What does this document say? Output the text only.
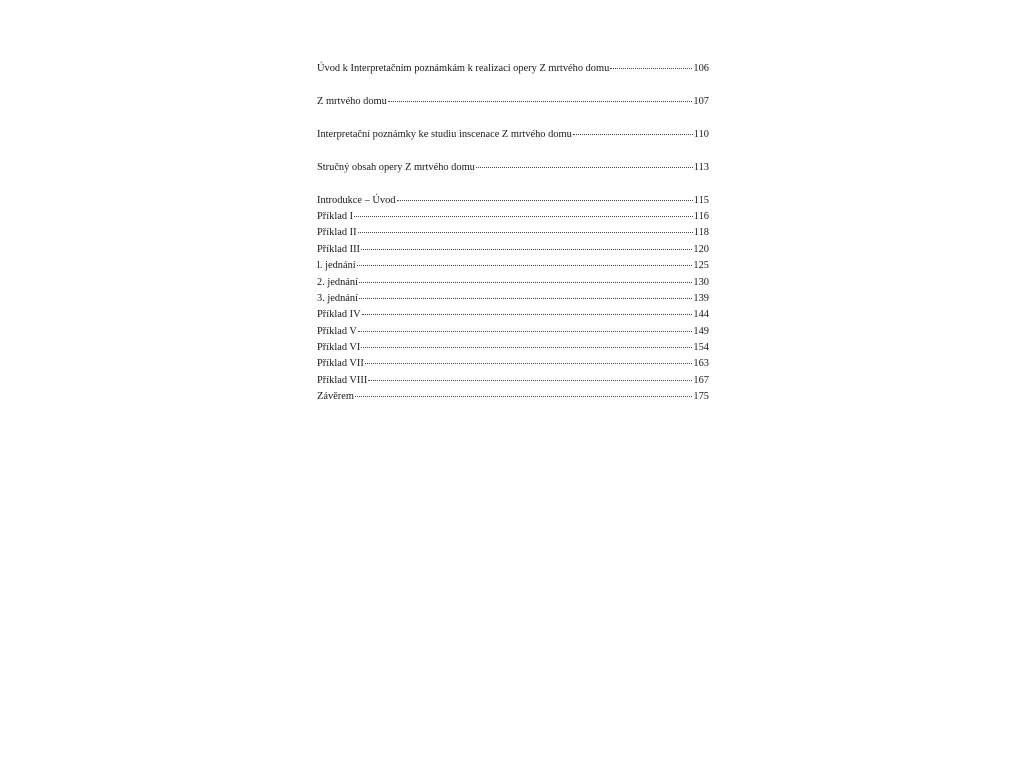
Úvod k Interpretačním poznámkám k realizaci opery Z mrtvého domu	106
Z mrtvého domu	107
Interpretační poznámky ke studiu inscenace Z mrtvého domu	110
Stručný obsah opery Z mrtvého domu	113
Introdukce – Úvod	115
Příklad I	116
Příklad II	118
Příklad III	120
l. jednání	125
2. jednání	130
3. jednání	139
Příklad IV	144
Příklad V	149
Příklad VI	154
Příklad VII	163
Příklad VIII	167
Závěrem	175
